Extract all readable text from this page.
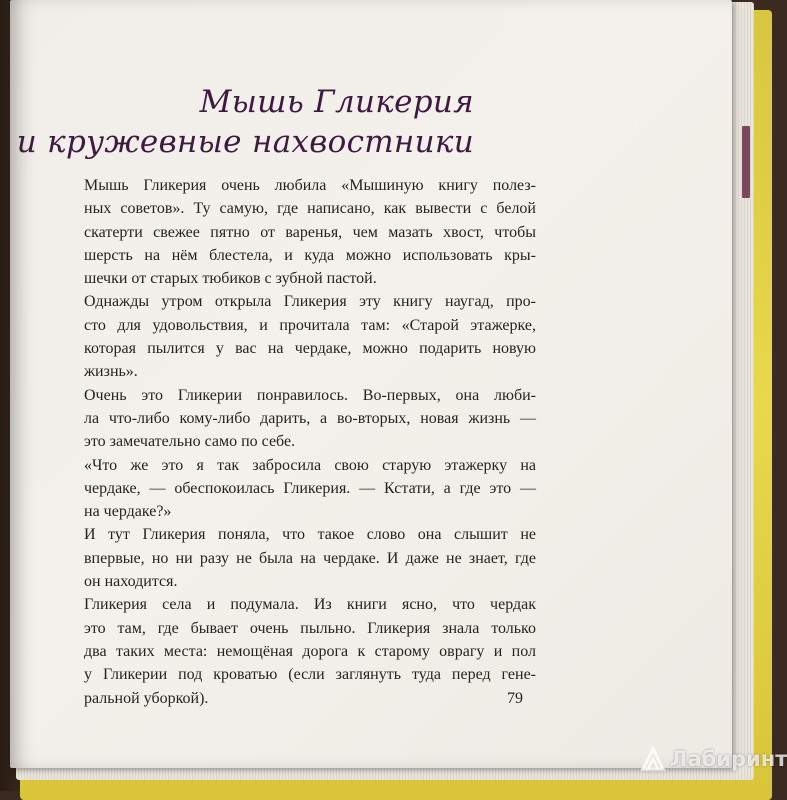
Мышь Гликерия
и кружевные нахвостники
Мышь Гликерия очень любила «Мышиную книгу полез-
ных советов». Ту самую, где написано, как вывести с белой
скатерти свежее пятно от варенья, чем мазать хвост, чтобы
шерсть на нём блестела, и куда можно использовать кры-
шечки от старых тюбиков с зубной пастой.
Однажды утром открыла Гликерия эту книгу наугад, про-
сто для удовольствия, и прочитала там: «Старой этажерке,
которая пылится у вас на чердаке, можно подарить новую
жизнь».
Очень это Гликерии понравилось. Во-первых, она люби-
ла что-либо кому-либо дарить, а во-вторых, новая жизнь —
это замечательно само по себе.
«Что же это я так забросила свою старую этажерку на
чердаке, — обеспокоилась Гликерия. — Кстати, а где это —
на чердаке?»
И тут Гликерия поняла, что такое слово она слышит не
впервые, но ни разу не была на чердаке. И даже не знает, где
он находится.
Гликерия села и подумала. Из книги ясно, что чердак
это там, где бывает очень пыльно. Гликерия знала только
два таких места: немощёная дорога к старому оврагу и пол
у Гликерии под кроватью (если заглянуть туда перед гене-
ральной уборкой).	79
Лабиринт
